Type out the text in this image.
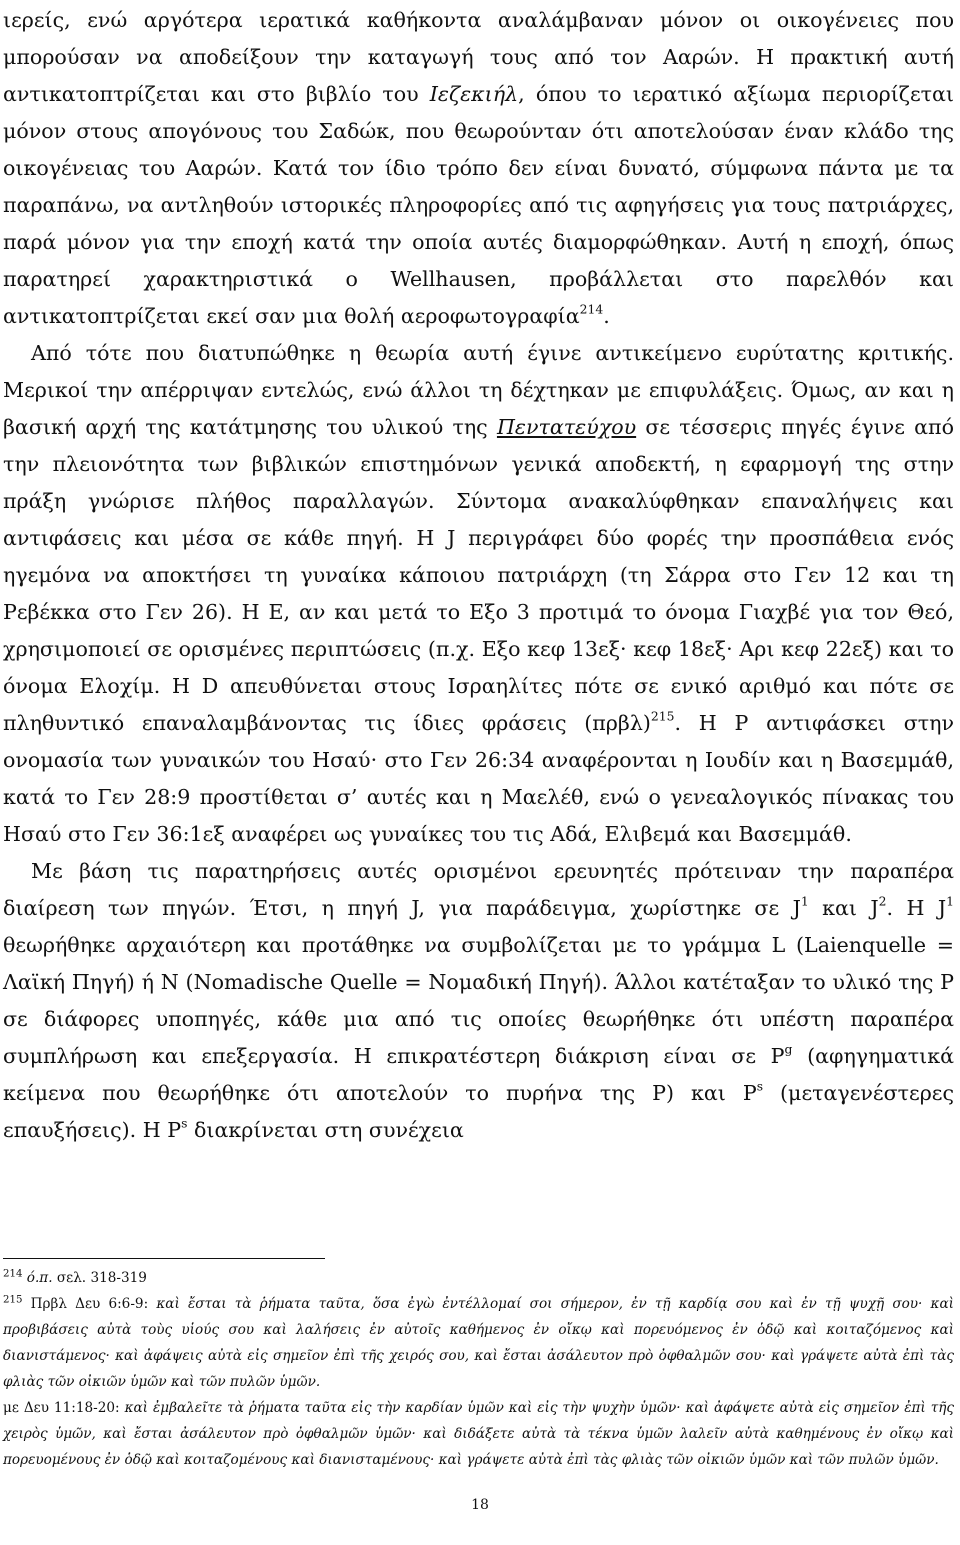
ιερείς, ενώ αργότερα ιερατικά καθήκοντα αναλάμβαναν μόνον οι οικογένειες που μπορούσαν να αποδείξουν την καταγωγή τους από τον Ααρών. Η πρακτική αυτή αντικατοπτρίζεται και στο βιβλίο του Ιεζεκιήλ, όπου το ιερατικό αξίωμα περιορίζεται μόνον στους απογόνους του Σαδώκ, που θεωρούνταν ότι αποτελούσαν έναν κλάδο της οικογένειας του Ααρών. Κατά τον ίδιο τρόπο δεν είναι δυνατό, σύμφωνα πάντα με τα παραπάνω, να αντληθούν ιστορικές πληροφορίες από τις αφηγήσεις για τους πατριάρχες, παρά μόνον για την εποχή κατά την οποία αυτές διαμορφώθηκαν. Αυτή η εποχή, όπως παρατηρεί χαρακτηριστικά ο Wellhausen, προβάλλεται στο παρελθόν και αντικατοπτρίζεται εκεί σαν μια θολή αεροφωτογραφία$^{214}$.

Από τότε που διατυπώθηκε η θεωρία αυτή έγινε αντικείμενο ευρύτατης κριτικής. Μερικοί την απέρριψαν εντελώς, ενώ άλλοι τη δέχτηκαν με επιφυλάξεις. Όμως, αν και η βασική αρχή της κατάτμησης του υλικού της Πεντατεύχου σε τέσσερις πηγές έγινε από την πλειονότητα των βιβλικών επιστημόνων γενικά αποδεκτή, η εφαρμογή της στην πράξη γνώρισε πλήθος παραλλαγών. Σύντομα ανακαλύφθηκαν επαναλήψεις και αντιφάσεις και μέσα σε κάθε πηγή. Η J περιγράφει δύο φορές την προσπάθεια ενός ηγεμόνα να αποκτήσει τη γυναίκα κάποιου πατριάρχη (τη Σάρρα στο Γεν 12 και τη Ρεβέκκα στο Γεν 26). Η E, αν και μετά το Εξο 3 προτιμά το όνομα Γιαχβέ για τον Θεό, χρησιμοποιεί σε ορισμένες περιπτώσεις (π.χ. Εξο κεφ 13εξ· κεφ 18εξ· Αρι κεφ 22εξ) και το όνομα Ελοχίμ. Η D απευθύνεται στους Ισραηλίτες πότε σε ενικό αριθμό και πότε σε πληθυντικό επαναλαμβάνοντας τις ίδιες φράσεις $(\pi\rho\beta\lambda)^{215}$. Η P αντιφάσκει στην ονομασία των γυναικών του Ησαύ· στο Γεν 26:34 αναφέρονται η Ιουδίν και η Βασεμμάθ, κατά το Γεν 28:9 προστίθεται σ’ αυτές και η Μαελέθ, ενώ ο γενεαλογικός πίνακας του Ησαύ στο Γεν 36:1εξ αναφέρει ως γυναίκες του τις Αδά, Ελιβεμά και Βασεμμάθ.

Με βάση τις παρατηρήσεις αυτές ορισμένοι ερευνητές πρότειναν την παραπέρα διαίρεση των πηγών. Έτσι, η πηγή J, για παράδειγμα, χωρίστηκε σε $J^1$ και $J^2$. Η $J^1$ θεωρήθηκε αρχαιότερη και προτάθηκε να συμβολίζεται με το γράμμα L (Laienquelle = Λαϊκή Πηγή) ή N (Nomadische Quelle = Νομαδική Πηγή). Άλλοι κατέταξαν το υλικό της P σε διάφορες υποπηγές, κάθε μια από τις οποίες θεωρήθηκε ότι υπέστη παραπέρα συμπλήρωση και επεξεργασία. Η επικρατέστερη διάκριση είναι σε $P^g$ (αφηγηματικά κείμενα που θεωρήθηκε ότι αποτελούν το πυρήνα της P) και $P^s$ (μεταγενέστερες επαυξήσεις). Η $P^s$ διακρίνεται στη συνέχεια

$^{214}$ ό.π. σελ. 318-319

$^{215}$ Πρβλ Δευ 6:6-9: καὶ ἔσται τὰ ῥήματα ταῦτα, ὅσα ἐγὼ ἐντέλλομαί σοι σήμερον, ἐν τῇ καρδίᾳ σου καὶ ἐν τῇ ψυχῇ σου· καὶ προβιβάσεις αὐτὰ τοὺς υἱούς σου καὶ λαλήσεις ἐν αὐτοῖς καθήμενος ἐν οἴκῳ καὶ πορευόμενος ἐν ὁδῷ καὶ κοιταζόμενος καὶ διανιστάμενος· καὶ ἀφάψεις αὐτὰ εἰς σημεῖον ἐπὶ τῆς χειρός σου, καὶ ἔσται ἀσάλευτον πρὸ ὀφθαλμῶν σου· καὶ γράψετε αὐτὰ ἐπὶ τὰς φλιὰς τῶν οἰκιῶν ὑμῶν καὶ τῶν πυλῶν ὑμῶν.

με Δευ 11:18-20: καὶ ἐμβαλεῖτε τὰ ῥήματα ταῦτα εἰς τὴν καρδίαν ὑμῶν καὶ εἰς τὴν ψυχὴν ὑμῶν· καὶ ἀφάψετε αὐτὰ εἰς σημεῖον ἐπὶ τῆς χειρὸς ὑμῶν, καὶ ἔσται ἀσάλευτον πρὸ ὀφθαλμῶν ὑμῶν· καὶ διδάξετε αὐτὰ τὰ τέκνα ὑμῶν λαλεῖν αὐτὰ καθημένους ἐν οἴκῳ καὶ πορευομένους ἐν ὁδῷ καὶ κοιταζομένους καὶ διανισταμένους· καὶ γράψετε αὐτὰ ἐπὶ τὰς φλιὰς τῶν οἰκιῶν ὑμῶν καὶ τῶν πυλῶν ὑμῶν.

18
